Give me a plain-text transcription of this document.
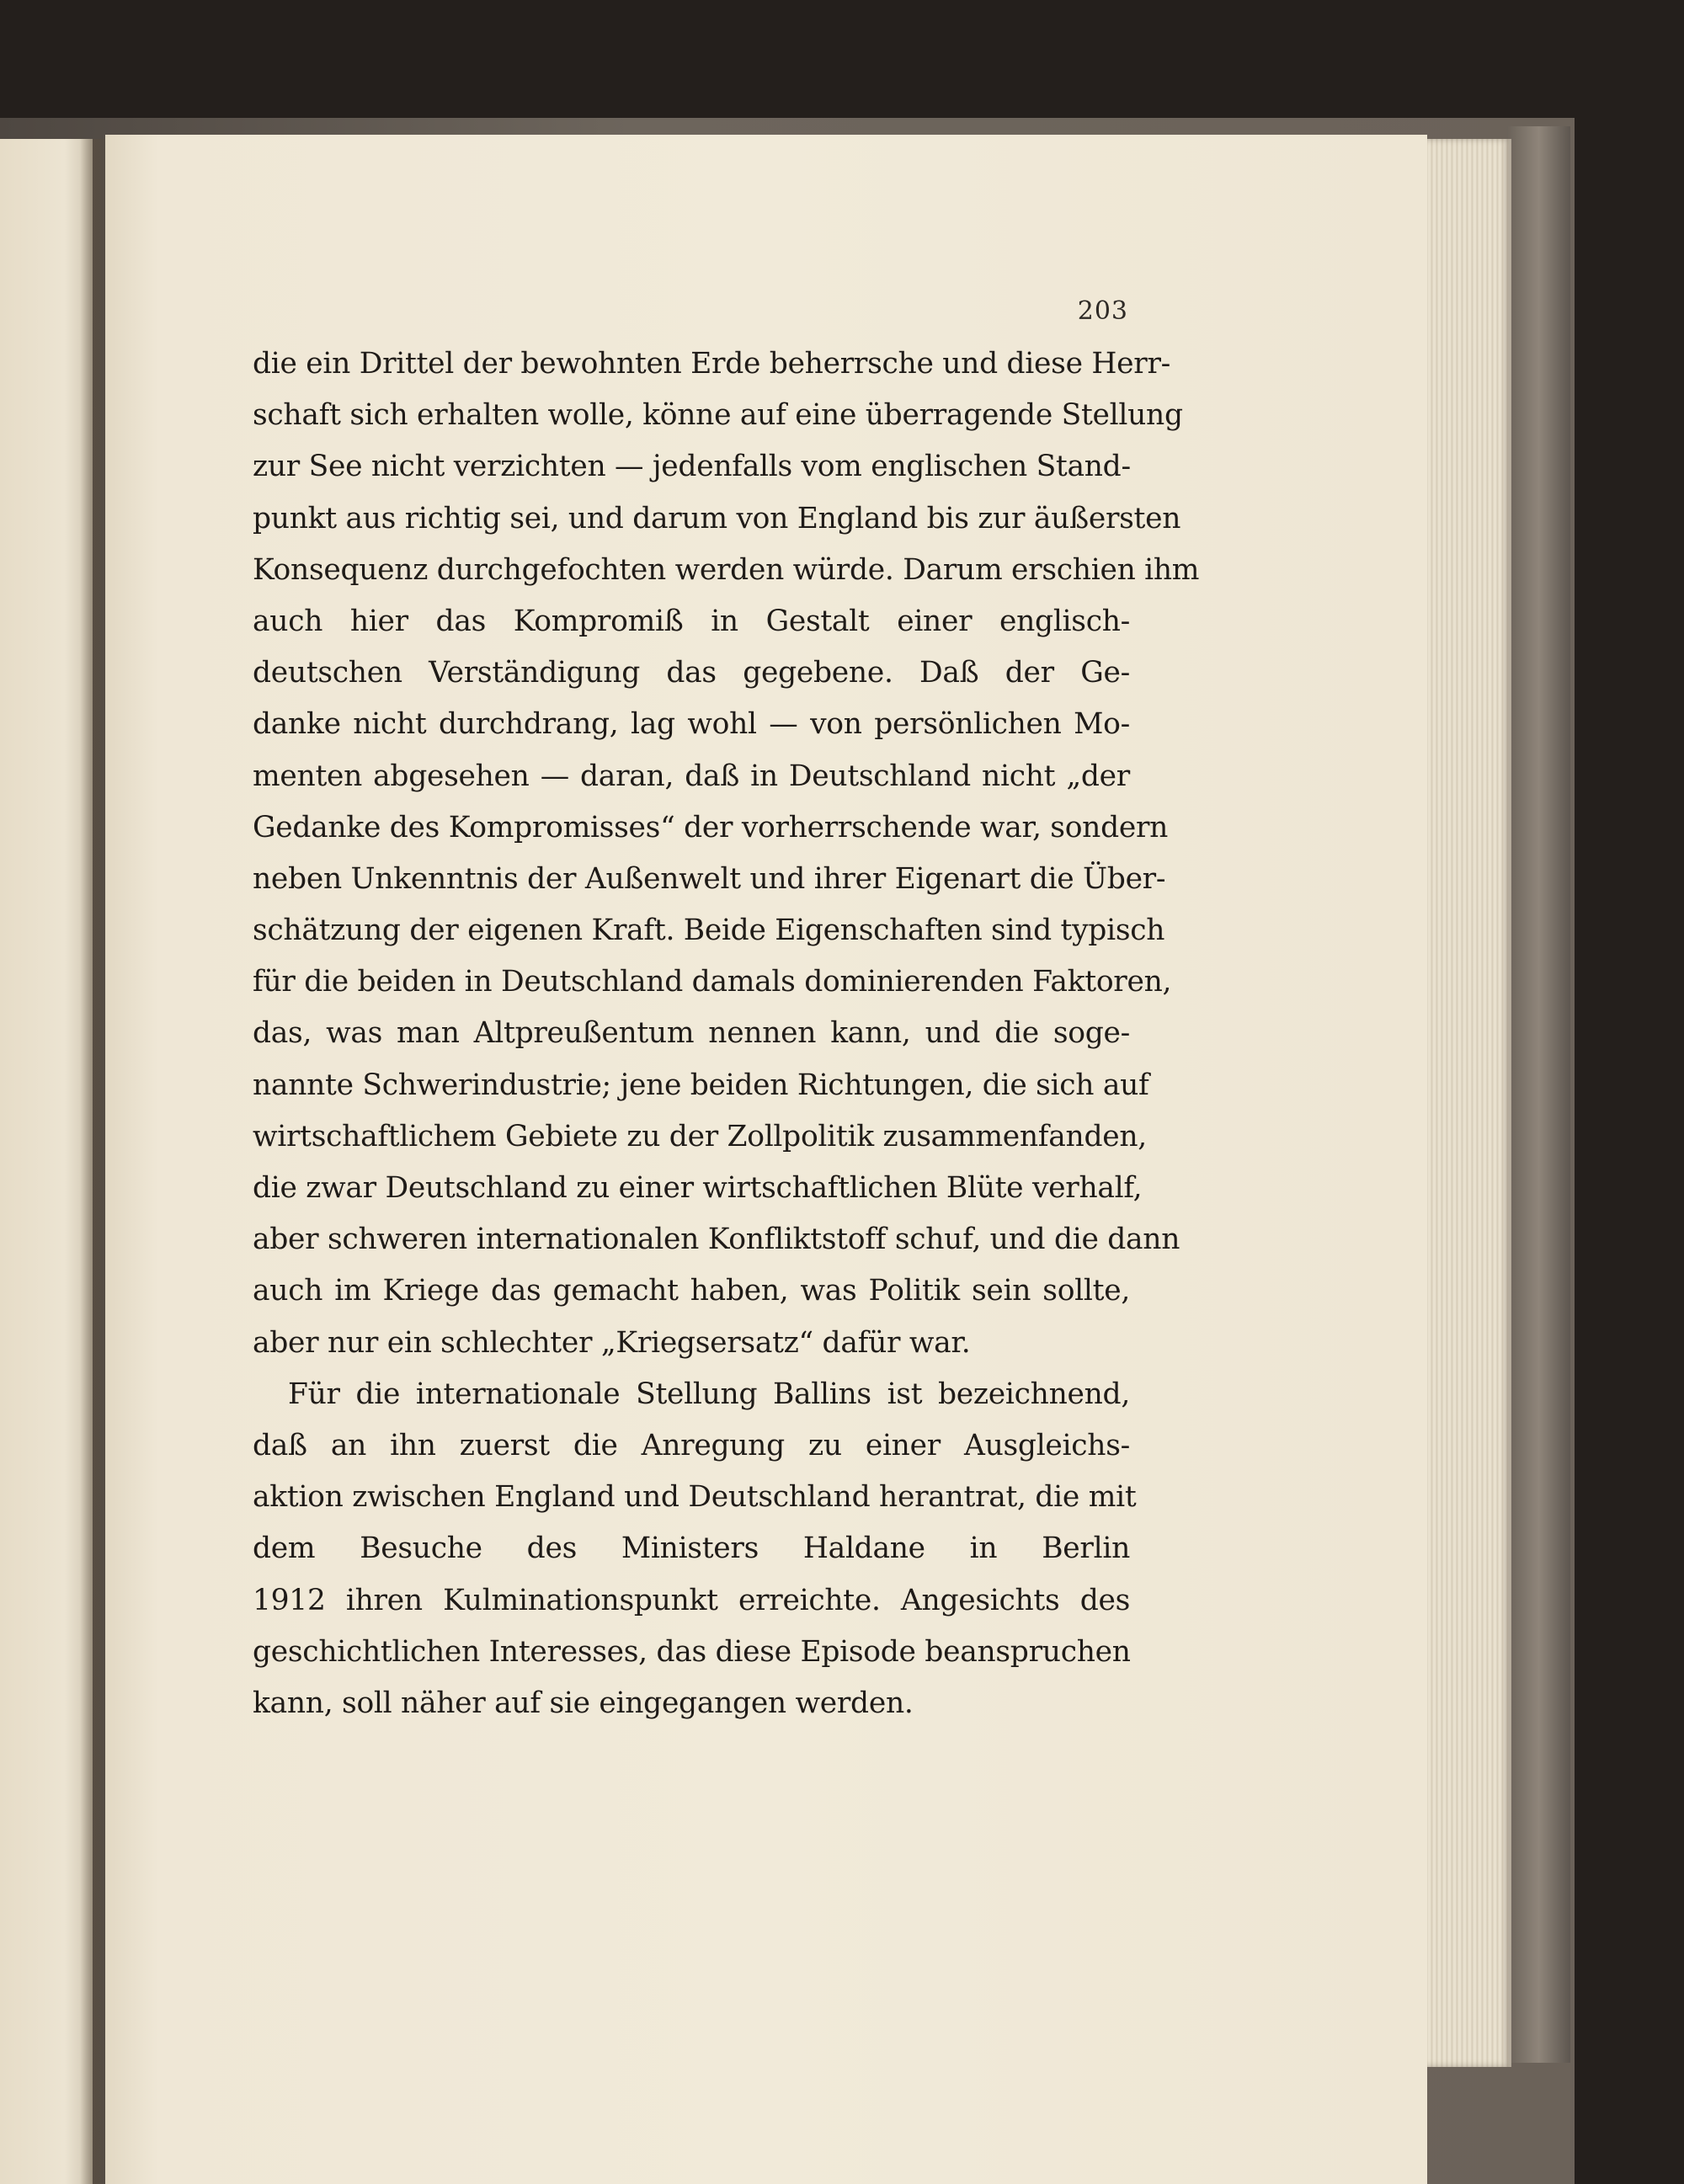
203
die ein Drittel der bewohnten Erde beherrsche und diese Herr-
schaft sich erhalten wolle, könne auf eine überragende Stellung
zur See nicht verzichten — jedenfalls vom englischen Stand-
punkt aus richtig sei, und darum von England bis zur äußersten
Konsequenz durchgefochten werden würde. Darum erschien ihm
auch hier das Kompromiß in Gestalt einer englisch-
deutschen Verständigung das gegebene. Daß der Ge-
danke nicht durchdrang, lag wohl — von persönlichen Mo-
menten abgesehen — daran, daß in Deutschland nicht „der
Gedanke des Kompromisses“ der vorherrschende war, sondern
neben Unkenntnis der Außenwelt und ihrer Eigenart die Über-
schätzung der eigenen Kraft. Beide Eigenschaften sind typisch
für die beiden in Deutschland damals dominierenden Faktoren,
das, was man Altpreußentum nennen kann, und die soge-
nannte Schwerindustrie; jene beiden Richtungen, die sich auf
wirtschaftlichem Gebiete zu der Zollpolitik zusammenfanden,
die zwar Deutschland zu einer wirtschaftlichen Blüte verhalf,
aber schweren internationalen Konfliktstoff schuf, und die dann
auch im Kriege das gemacht haben, was Politik sein sollte,
aber nur ein schlechter „Kriegsersatz“ dafür war.
Für die internationale Stellung Ballins ist bezeichnend,
daß an ihn zuerst die Anregung zu einer Ausgleichs-
aktion zwischen England und Deutschland herantrat, die mit
dem Besuche des Ministers Haldane in Berlin
1912 ihren Kulminationspunkt erreichte. Angesichts des
geschichtlichen Interesses, das diese Episode beanspruchen
kann, soll näher auf sie eingegangen werden.
